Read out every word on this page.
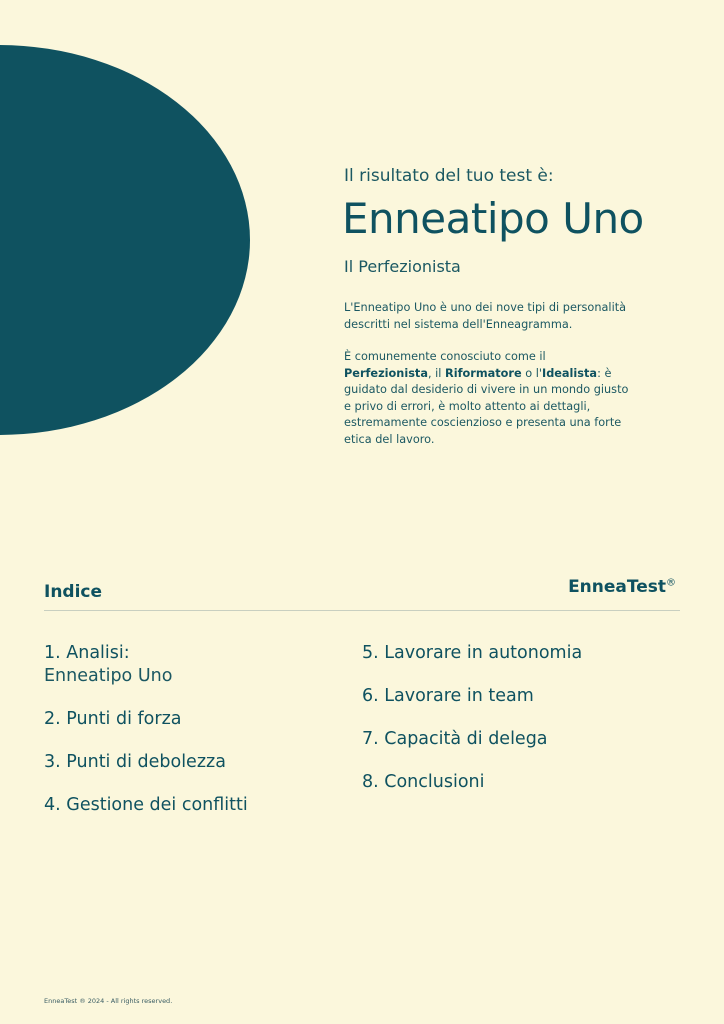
Il risultato del tuo test è:

Enneatipo Uno

Il Perfezionista

L'Enneatipo Uno è uno dei nove tipi di personalità descritti nel sistema dell'Enneagramma.

È comunemente conosciuto come il Perfezionista, il Riformatore o l'Idealista: è guidato dal desiderio di vivere in un mondo giusto e privo di errori, è molto attento ai dettagli, estremamente coscienzioso e presenta una forte etica del lavoro.

Indice	EnneaTest®
1. Analisi:
Enneatipo Uno
2. Punti di forza
3. Punti di debolezza
4. Gestione dei conflitti
5. Lavorare in autonomia
6. Lavorare in team
7. Capacità di delega
8. Conclusioni
EnneaTest ® 2024 - All rights reserved.
